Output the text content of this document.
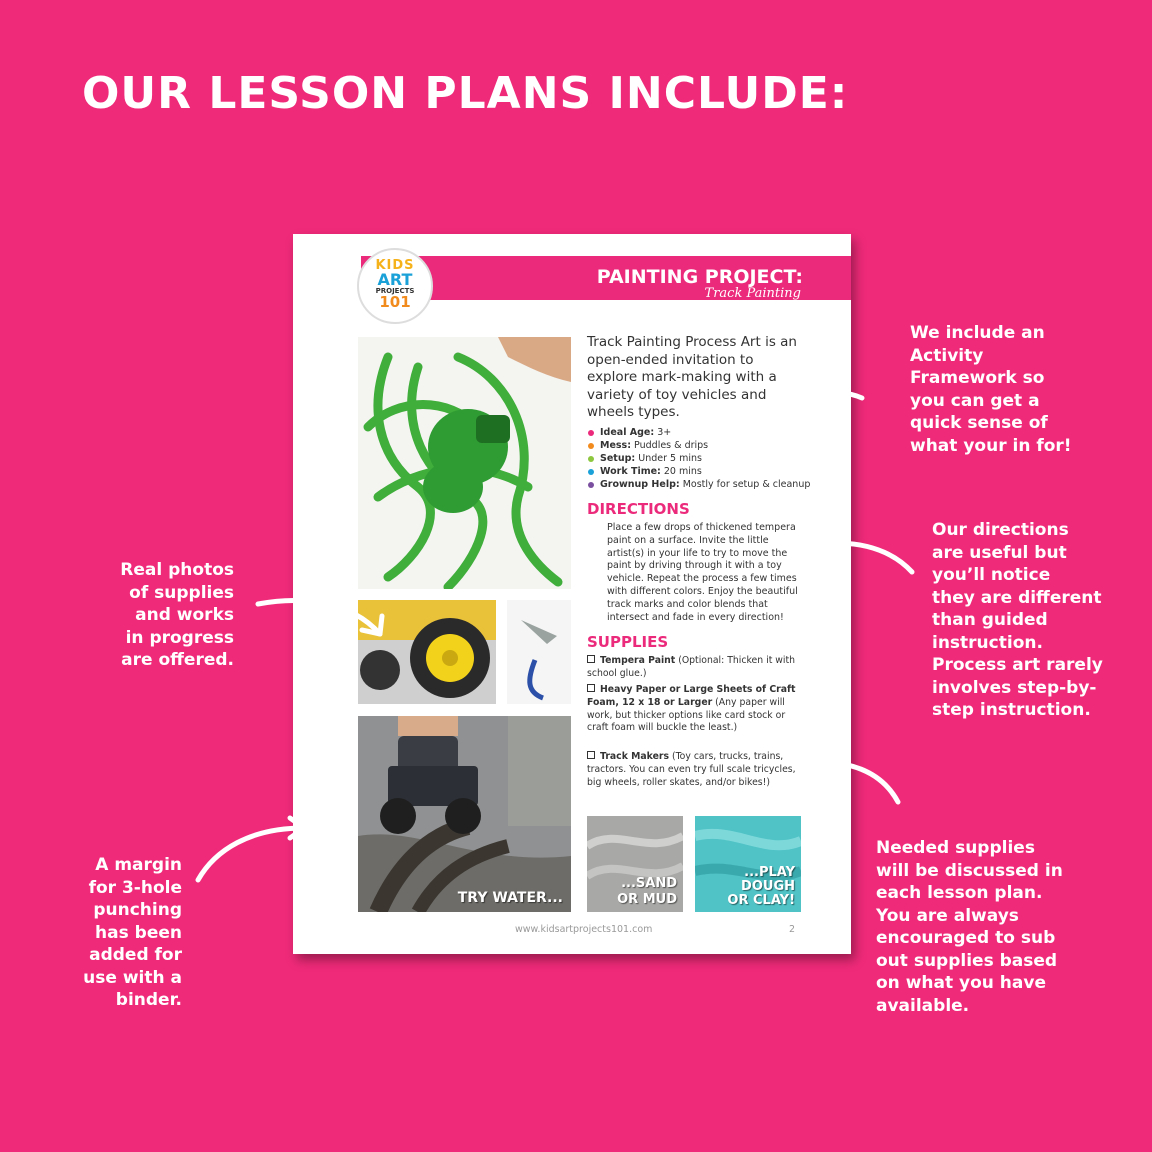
OUR LESSON PLANS INCLUDE:
KIDS
ART
PROJECTS
101
PAINTING PROJECT:
Track Painting
TRY WATER...
...SAND
OR MUD
...PLAY
DOUGH
OR CLAY!
Track Painting Process Art is an open-ended invitation to explore mark-making with a variety of toy vehicles and wheels types.
Ideal Age: 3+
Mess: Puddles & drips
Setup: Under 5 mins
Work Time: 20 mins
Grownup Help: Mostly for setup & cleanup
DIRECTIONS
Place a few drops of thickened tempera paint on a surface. Invite the little artist(s) in your life to try to move the paint by driving through it with a toy vehicle. Repeat the process a few times with different colors. Enjoy the beautiful track marks and color blends that intersect and fade in every direction!
SUPPLIES
Tempera Paint (Optional: Thicken it with school glue.)
Heavy Paper or Large Sheets of Craft Foam, 12 x 18 or Larger (Any paper will work, but thicker options like card stock or craft foam will buckle the least.)
Track Makers (Toy cars, trucks, trains, tractors. You can even try full scale tricycles, big wheels, roller skates, and/or bikes!)
www.kidsartprojects101.com	2
We include an
Activity
Framework so
you can get a
quick sense of
what your in for!
Our directions
are useful but
you’ll notice
they are different
than guided
instruction.
Process art rarely
involves step-by-
step instruction.
Real photos
of supplies
and works
in progress
are offered.
A margin
for 3-hole
punching
has been
added for
use with a
binder.
Needed supplies
will be discussed in
each lesson plan.
You are always
encouraged to sub
out supplies based
on what you have
available.
